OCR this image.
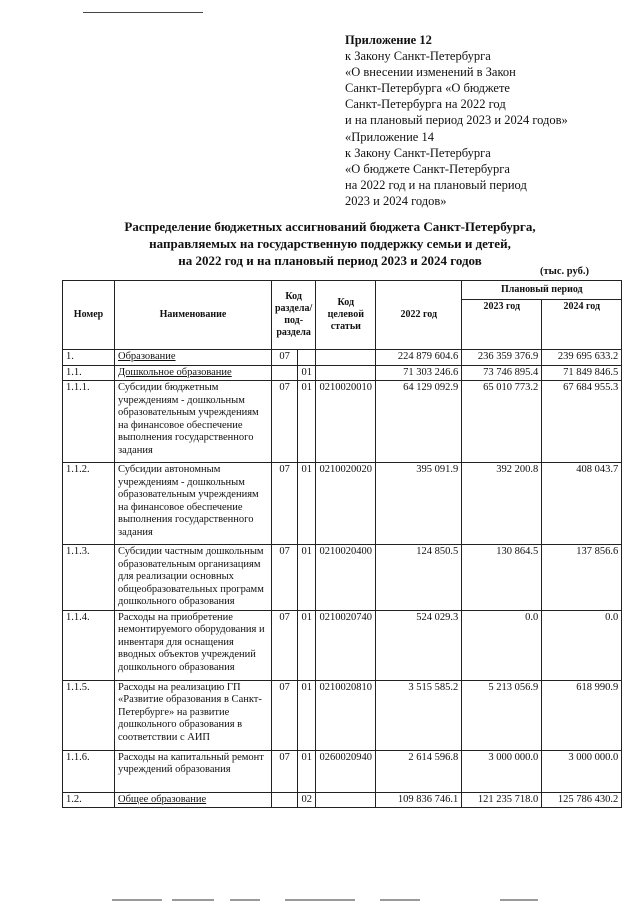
Приложение 12
к Закону Санкт-Петербурга
«О внесении изменений в Закон
Санкт-Петербурга «О бюджете
Санкт-Петербурга на 2022 год
и на плановый период 2023 и 2024 годов»
«Приложение 14
к Закону Санкт-Петербурга
«О бюджете Санкт-Петербурга
на 2022 год и на плановый период
2023 и 2024 годов»
Распределение бюджетных ассигнований бюджета Санкт-Петербурга,
направляемых на государственную поддержку семьи и детей,
на 2022 год и на плановый период 2023 и 2024 годов
(тыс. руб.)
Номер	Наименование	Код раздела/ под-раздела		Код целевой статьи	2022 год	Плановый период	
						2023 год	2024 год
1.	Образование	07			224 879 604.6	236 359 376.9	239 695 633.2
1.1.	Дошкольное образование		01		71 303 246.6	73 746 895.4	71 849 846.5
1.1.1.	Субсидии бюджетным учреждениям - дошкольным образовательным учреждениям на финансовое обеспечение выполнения государственного задания	07	01	0210020010	64 129 092.9	65 010 773.2	67 684 955.3
1.1.2.	Субсидии автономным учреждениям - дошкольным образовательным учреждениям на финансовое обеспечение выполнения государственного задания	07	01	0210020020	395 091.9	392 200.8	408 043.7
1.1.3.	Субсидии частным дошкольным образовательным организациям для реализации основных общеобразовательных программ дошкольного образования	07	01	0210020400	124 850.5	130 864.5	137 856.6
1.1.4.	Расходы на приобретение немонтируемого оборудования и инвентаря для оснащения вводных объектов учреждений дошкольного образования	07	01	0210020740	524 029.3	0.0	0.0
1.1.5.	Расходы на реализацию ГП «Развитие образования в Санкт-Петербурге» на развитие дошкольного образования в соответствии с АИП	07	01	0210020810	3 515 585.2	5 213 056.9	618 990.9
1.1.6.	Расходы на капитальный ремонт учреждений образования	07	01	0260020940	2 614 596.8	3 000 000.0	3 000 000.0
1.2.	Общее образование		02		109 836 746.1	121 235 718.0	125 786 430.2
